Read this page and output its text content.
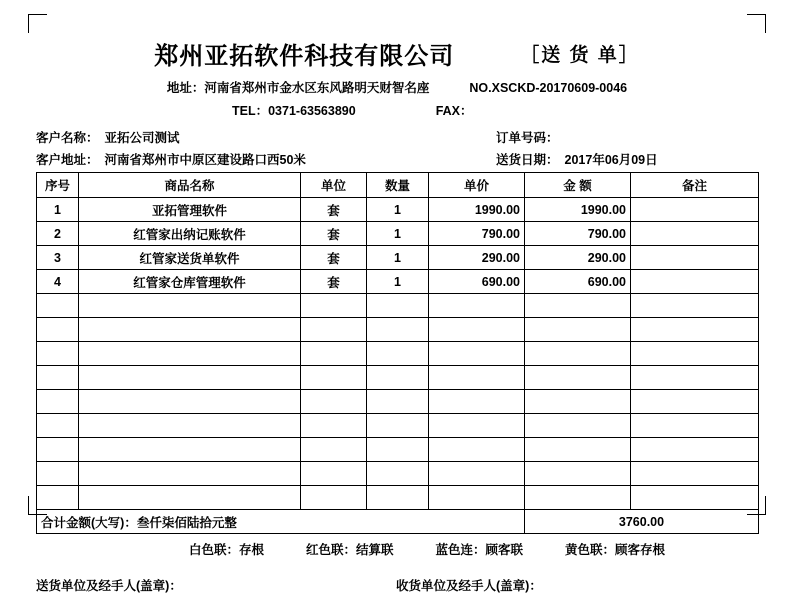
郑州亚拓软件科技有限公司	［送 货 单］
地址：河南省郑州市金水区东风路明天财智名座	NO.XSCKD-20170609-0046
TEL：0371-63563890	FAX：
客户名称： 亚拓公司测试	订单号码：
客户地址： 河南省郑州市中原区建设路口西50米	送货日期： 2017年06月09日
序号	商品名称	单位	数量	单价	金 额	备注
1	亚拓管理软件	套	1	1990.00	1990.00	
2	红管家出纳记账软件	套	1	790.00	790.00	
3	红管家送货单软件	套	1	290.00	290.00	
4	红管家仓库管理软件	套	1	690.00	690.00	

合计金额(大写)：叁仟柒佰陆拾元整					3760.00	
白色联：存根	红色联：结算联	蓝色连：顾客联	黄色联：顾客存根
送货单位及经手人(盖章)：	收货单位及经手人(盖章)：
